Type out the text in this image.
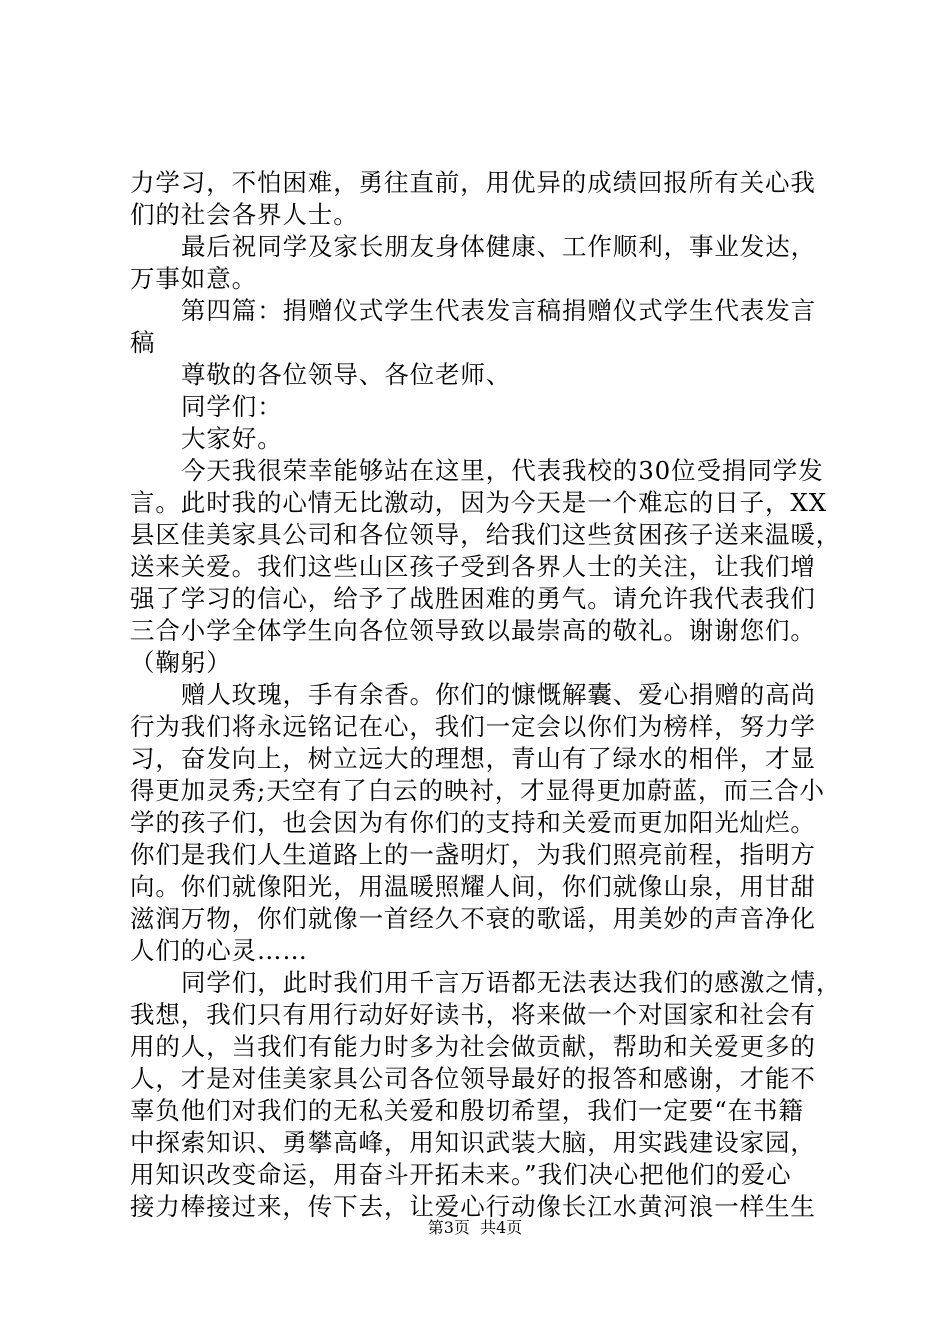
力学习，不怕困难，勇往直前，用优异的成绩回报所有关心我
们的社会各界人士。
最后祝同学及家长朋友身体健康、工作顺利，事业发达，
万事如意。
第四篇：捐赠仪式学生代表发言稿捐赠仪式学生代表发言
稿
尊敬的各位领导、各位老师、
同学们：
大家好。
今天我很荣幸能够站在这里，代表我校的30位受捐同学发
言。此时我的心情无比激动，因为今天是一个难忘的日子，XX
县区佳美家具公司和各位领导，给我们这些贫困孩子送来温暖，
送来关爱。我们这些山区孩子受到各界人士的关注，让我们增
强了学习的信心，给予了战胜困难的勇气。请允许我代表我们
三合小学全体学生向各位领导致以最崇高的敬礼。谢谢您们。
（鞠躬）
赠人玫瑰，手有余香。你们的慷慨解囊、爱心捐赠的高尚
行为我们将永远铭记在心，我们一定会以你们为榜样，努力学
习，奋发向上，树立远大的理想，青山有了绿水的相伴，才显
得更加灵秀;天空有了白云的映衬，才显得更加蔚蓝，而三合小
学的孩子们，也会因为有你们的支持和关爱而更加阳光灿烂。
你们是我们人生道路上的一盏明灯，为我们照亮前程，指明方
向。你们就像阳光，用温暖照耀人间，你们就像山泉，用甘甜
滋润万物，你们就像一首经久不衰的歌谣，用美妙的声音净化
人们的心灵……
同学们，此时我们用千言万语都无法表达我们的感激之情，
我想，我们只有用行动好好读书，将来做一个对国家和社会有
用的人，当我们有能力时多为社会做贡献，帮助和关爱更多的
人，才是对佳美家具公司各位领导最好的报答和感谢，才能不
辜负他们对我们的无私关爱和殷切希望，我们一定要“在书籍
中探索知识、勇攀高峰，用知识武装大脑，用实践建设家园，
用知识改变命运，用奋斗开拓未来。”我们决心把他们的爱心
接力棒接过来，传下去，让爱心行动像长江水黄河浪一样生生
第3页  共4页
